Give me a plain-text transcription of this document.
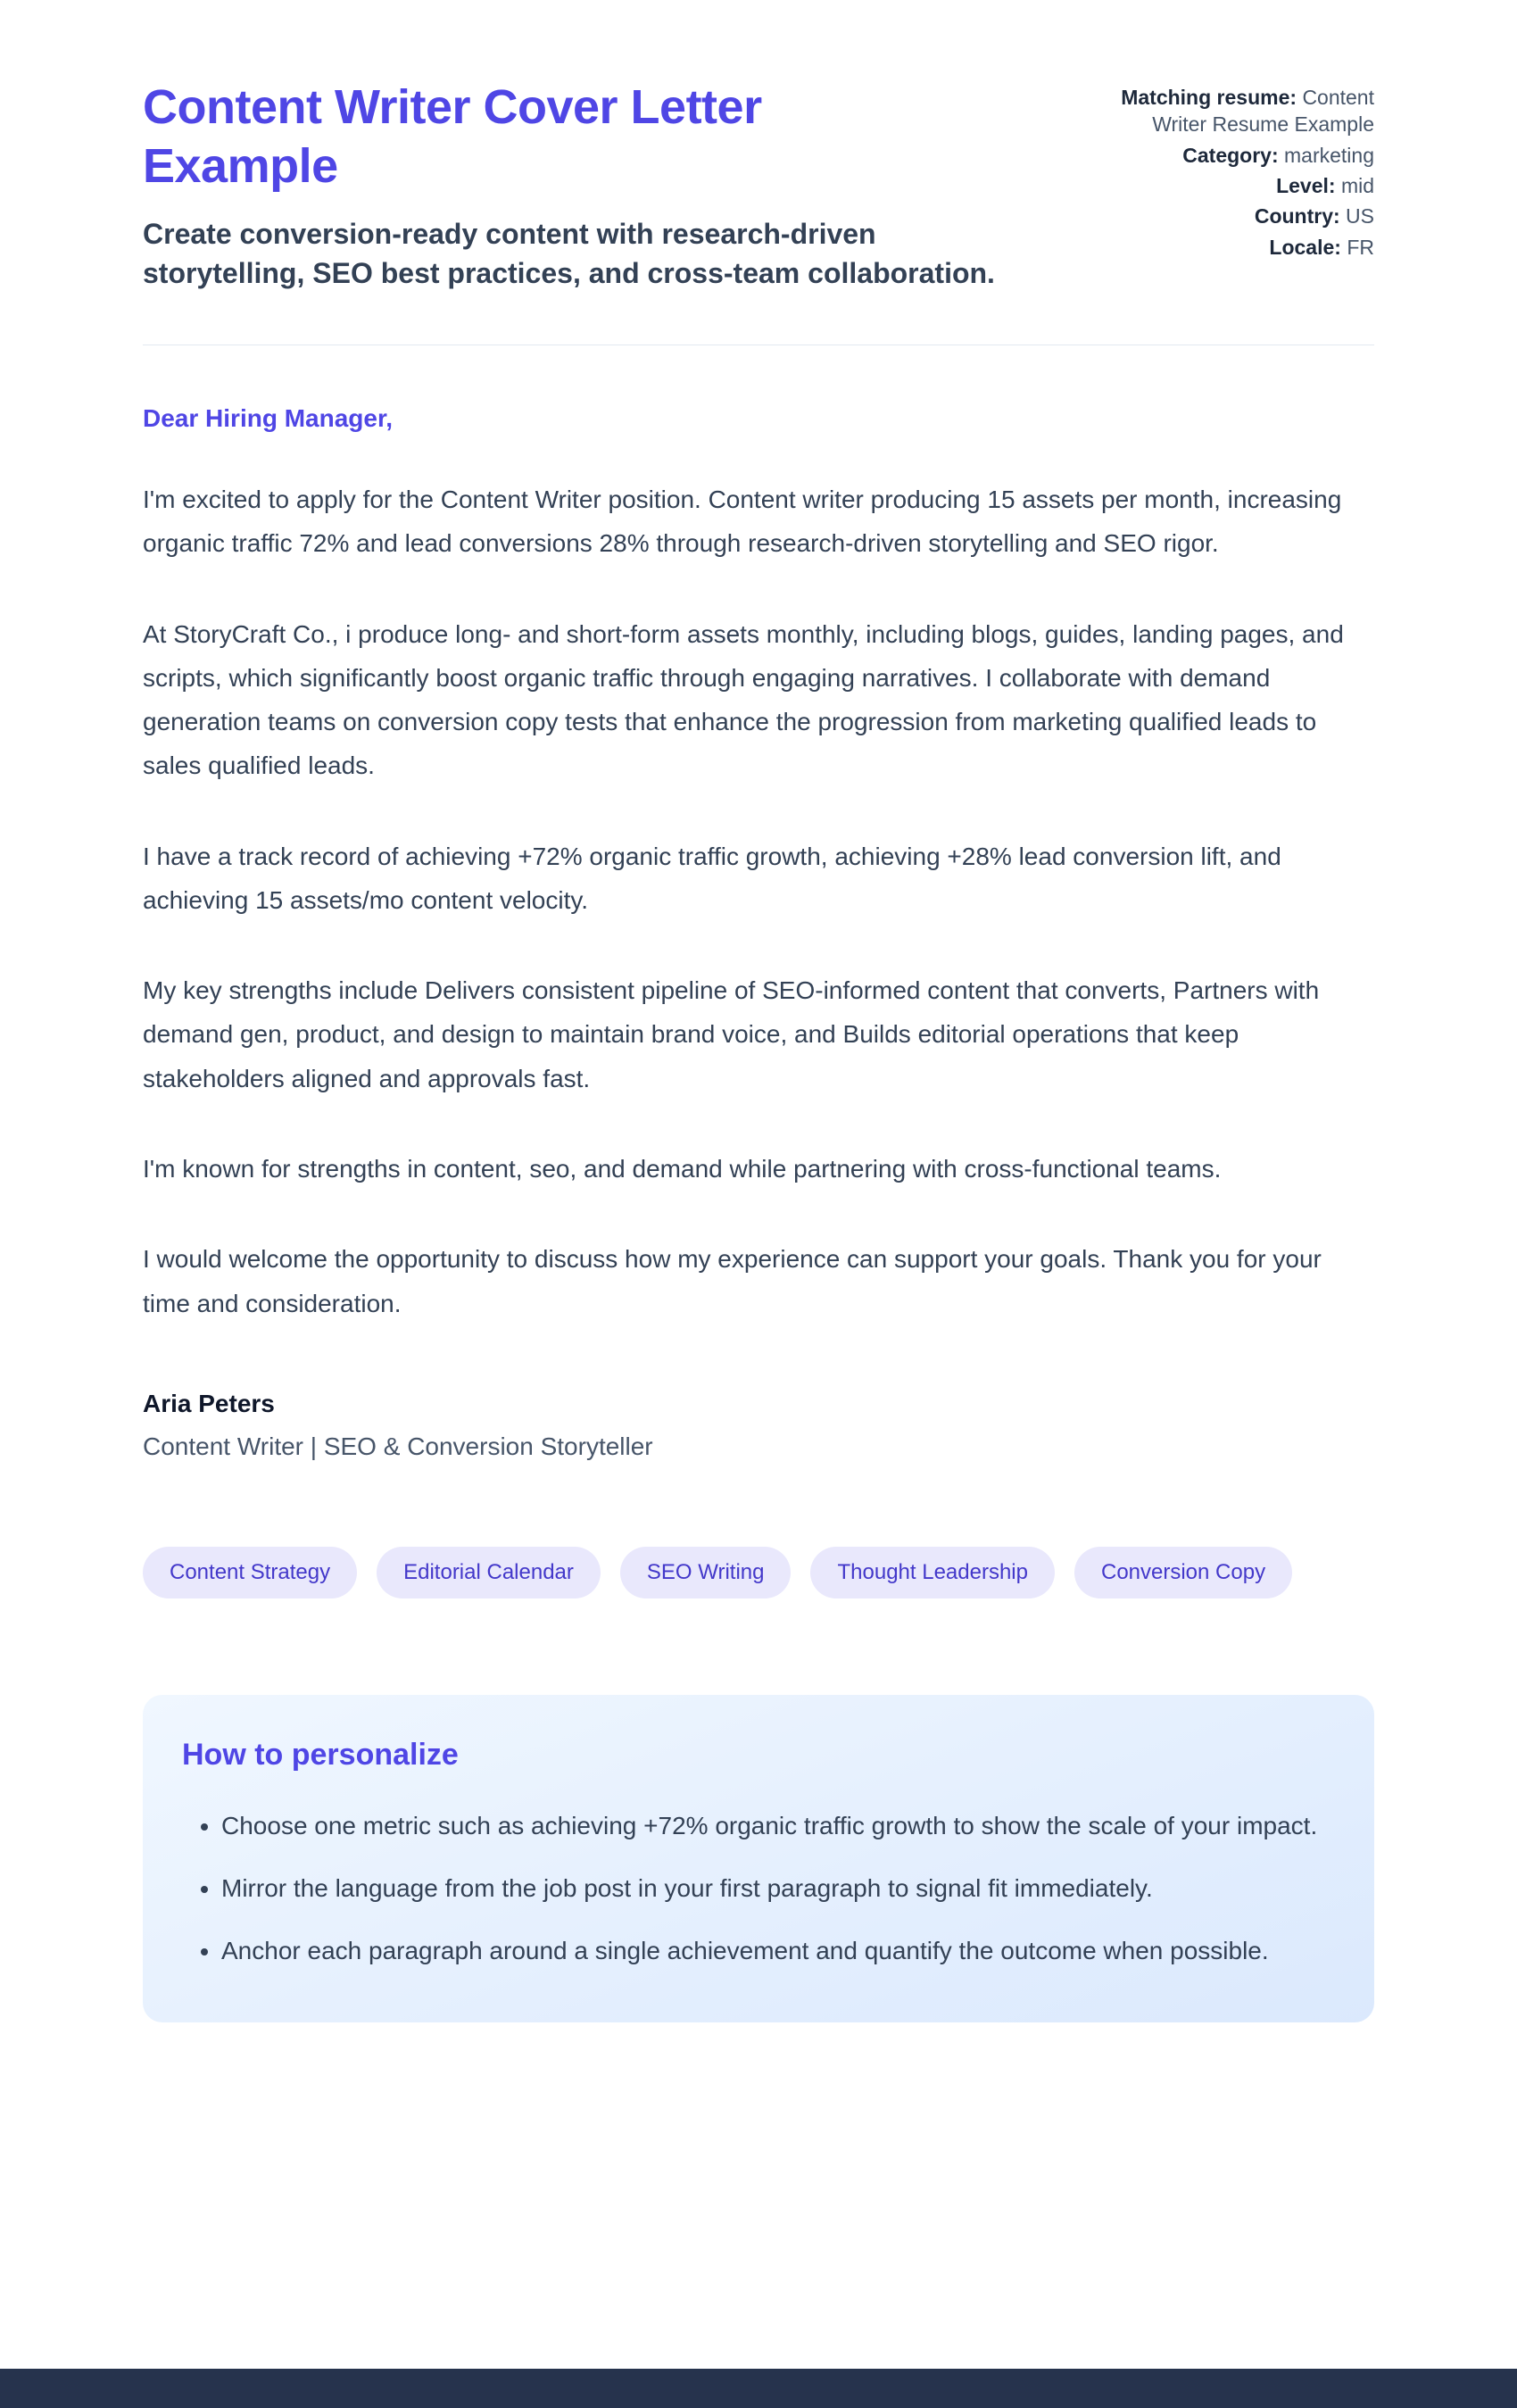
Content Writer Cover Letter Example

Create conversion-ready content with research-driven storytelling, SEO best practices, and cross-team collaboration.

Matching resume: Content Writer Resume Example
Category: marketing
Level: mid
Country: US
Locale: FR
Dear Hiring Manager,

I'm excited to apply for the Content Writer position. Content writer producing 15 assets per month, increasing organic traffic 72% and lead conversions 28% through research-driven storytelling and SEO rigor.

At StoryCraft Co., i produce long- and short-form assets monthly, including blogs, guides, landing pages, and scripts, which significantly boost organic traffic through engaging narratives. I collaborate with demand generation teams on conversion copy tests that enhance the progression from marketing qualified leads to sales qualified leads.

I have a track record of achieving +72% organic traffic growth, achieving +28% lead conversion lift, and achieving 15 assets/mo content velocity.

My key strengths include Delivers consistent pipeline of SEO-informed content that converts, Partners with demand gen, product, and design to maintain brand voice, and Builds editorial operations that keep stakeholders aligned and approvals fast.

I'm known for strengths in content, seo, and demand while partnering with cross-functional teams.

I would welcome the opportunity to discuss how my experience can support your goals. Thank you for your time and consideration.

Aria Peters

Content Writer | SEO & Conversion Storyteller

Content Strategy	Editorial Calendar	SEO Writing	Thought Leadership	Conversion Copy
How to personalize
• Choose one metric such as achieving +72% organic traffic growth to show the scale of your impact.
• Mirror the language from the job post in your first paragraph to signal fit immediately.
• Anchor each paragraph around a single achievement and quantify the outcome when possible.
